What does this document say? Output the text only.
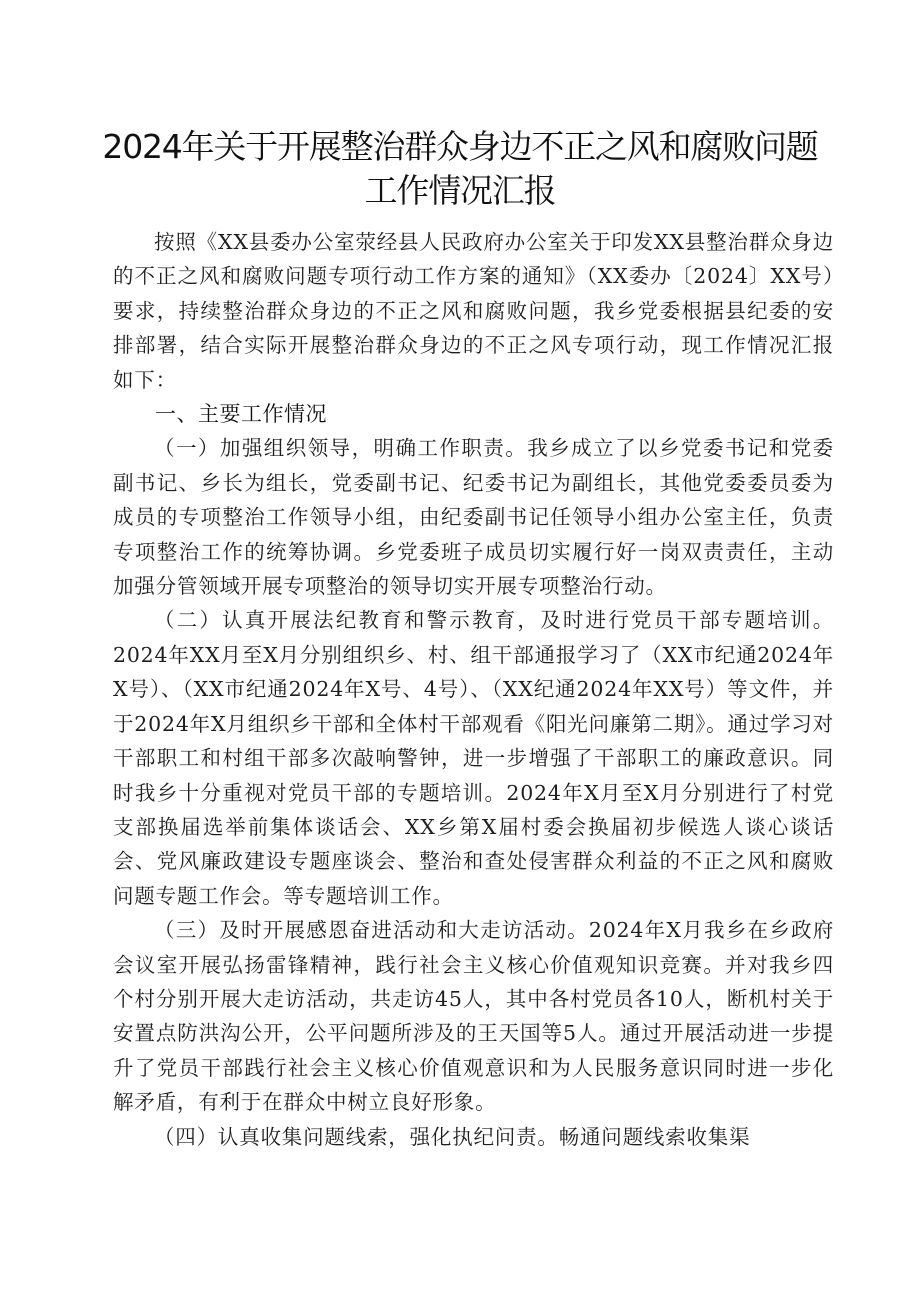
2024年关于开展整治群众身边不正之风和腐败问题
工作情况汇报

按照《XX县委办公室荥经县人民政府办公室关于印发XX县整治群众身边的不正之风和腐败问题专项行动工作方案的通知》（XX委办〔2024〕XX号）要求，持续整治群众身边的不正之风和腐败问题，我乡党委根据县纪委的安排部署，结合实际开展整治群众身边的不正之风专项行动，现工作情况汇报如下：

一、主要工作情况

（一）加强组织领导，明确工作职责。我乡成立了以乡党委书记和党委副书记、乡长为组长，党委副书记、纪委书记为副组长，其他党委委员委为成员的专项整治工作领导小组，由纪委副书记任领导小组办公室主任，负责专项整治工作的统筹协调。乡党委班子成员切实履行好一岗双责责任，主动加强分管领域开展专项整治的领导切实开展专项整治行动。

（二）认真开展法纪教育和警示教育，及时进行党员干部专题培训。2024年XX月至X月分别组织乡、村、组干部通报学习了（XX市纪通2024年X号）、（XX市纪通2024年X号、4号）、（XX纪通2024年XX号）等文件，并于2024年X月组织乡干部和全体村干部观看《阳光问廉第二期》。通过学习对干部职工和村组干部多次敲响警钟，进一步增强了干部职工的廉政意识。同时我乡十分重视对党员干部的专题培训。2024年X月至X月分别进行了村党支部换届选举前集体谈话会、XX乡第X届村委会换届初步候选人谈心谈话会、党风廉政建设专题座谈会、整治和查处侵害群众利益的不正之风和腐败问题专题工作会。等专题培训工作。

（三）及时开展感恩奋进活动和大走访活动。2024年X月我乡在乡政府会议室开展弘扬雷锋精神，践行社会主义核心价值观知识竞赛。并对我乡四个村分别开展大走访活动，共走访45人，其中各村党员各10人，断机村关于安置点防洪沟公开，公平问题所涉及的王天国等5人。通过开展活动进一步提升了党员干部践行社会主义核心价值观意识和为人民服务意识同时进一步化解矛盾，有利于在群众中树立良好形象。

（四）认真收集问题线索，强化执纪问责。畅通问题线索收集渠
